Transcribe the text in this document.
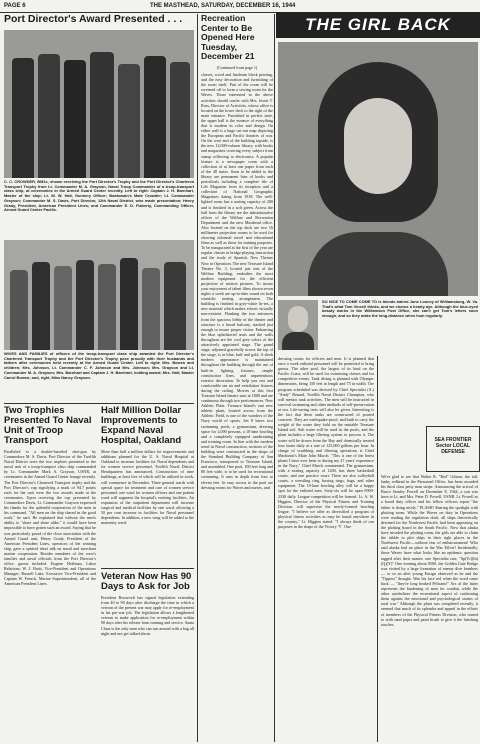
PAGE 6	THE MASTHEAD, SATURDAY, DECEMBER 16, 1944

Port Director's Award Presented . . .

C. C. CROWDER, BM1c, shown receiving the Port Director's Trophy and the Port Director's Chartered Transport Trophy from Lt. Commander M. A. Grayson, Naval Troop Commander of a troop-transport class ship, at ceremonies in the Armed Guard Center recently. Left to right: Captain J. H. Barnhart, Master of the ship; Lt. W. W. Hall, Gunnery Officer; Boatswain's Mate Crowder; Lt. Commander Grayson; Commander M. S. Davis, Port Director, 12th Naval District, who made presentation; Henry Grady, President, American President Lines; and Commander E. D. Flaherty, Commanding Officer, Armed Guard Center Pacific.
WIVES AND FAMILIES of officers of the troop-transport class ship awarded the Port Director's Chartered Transport Trophy and the Port Director's Trophy pose proudly with their husbands and fathers after ceremonies held recently at the Armed Guard Center. Left to right: Mrs. Bowen and children; Mrs. Johnson, Lt. Commander C. F. Johnson and Mrs. Johnson; Mrs. Grayson and Lt. Commander M. A. Grayson; Mrs. Barnhart and Captain J. H. Barnhart, holding award; Mrs. Hall; Master Carrol Bowen; and, right, Miss Nancy Grayson.

Two Trophies Presented To Naval Unit of Troop Transport

Paralleled to a double-barreled shot-gun by Commodore M. S. Davis, Port Director of the Twelfth Naval District were the two trophies presented to the naval unit of a troop-transport class ship commanded by Lt. Commander Mark A. Grayson, USNR, at ceremonies in the Armed Guard Center lounge recently. The Port Director's Chartered Transport trophy and the Port Director's cup signifying a mark of 94.7 points each for the unit were the two awards made at the ceremonies. Upon receiving the cup presented by Commodore Davis, Lt. Commander Grayson expressed his thanks for the splendid cooperation of the men in his command. "All men on the ship shared in the good work," he said. He explained that without the men's ability to "share and share alike," it would have been impossible to have gotten such an award. Saying that he was particularly proud of the close association with the Armed Guard unit, Henry Grady, President of the American President Lines, operators of the winning ship, gave a spirited short talk on naval and merchant marine cooperation. Besides members of the crew's families and naval officials from the Port Director's office, guests included: Eugene Hoffman, Labor Relations; W. J. Bush, Vice-President and Operations Manager; Russell Lake, Executive Vice-President and Captain W. French, Marine Superintendent, all of the American President Lines.

Half Million Dollar Improvements to Expand Naval Hospital, Oakland

More than half a million dollars for improvements and additions planned for the U. S. Naval Hospital at Oakland to increase facilities for Naval dependents and for women service personnel, Twelfth Naval District Headquarters has announced. Construction of nine buildings, at least five of which will be utilized in work, will commence in December. Three general wards with special space for treatment and care of women service personnel, one ward for women officers and one patient ward will augment the hospital's existing facilities. An expansion of the outpatient department will increase surgical and medical facilities by one ward, allowing a 50 per cent increase in facilities for Naval personnel dependents. In addition, a new wing will be added to the maternity ward.

Veteran Now Has 90 Days to Ask for Job

President Roosevelt has signed legislation extending from 40 to 90 days after discharge the time in which a veteran of the present war may apply for re-employment in his pre-war job. The legislation allows a lengthened veteran to make application for re-employment within 90 days after his release from training and service. Santa Claus is the only man who can run around with a bag all night and not get talked about.

Recreation Center to Be Opened Here Tuesday, December 21

(Continued from page 1)

classes, wood and linoleum block printing, and the easy decoration and furnishing of the room itself. Part of the room will be screened off to form a sewing room for the Waves. Those interested in the above activities should confer with Mrs. Jessie T. Ross, Director of Activities, whose office is located on the lower deck to the right of the main entrance. Furnished in perfect taste, the upper hall is the essence of everything that is modern in color and design. On either wall is a huge cut-out map depicting the European and Pacific theatres of war. On the west end of the building topside, is the new 12,000-volume library, with books and magazines covering every subject from stamp collecting to electronics. A popular feature is a newspaper room with a collection of at least one paper from each of the 48 states. Soon to be added to the library are permanent bins of books and periodicals including a complete file of Life Magazine from its inception and a collection of National Geographic Magazines dating from 1918. The well-lighted room has a seating capacity of 200 and is finished in a soft green. Across the hall from the library are the administrative offices of the Welfare and Recreation Department and the new Masthead office. Also located on the top deck are two 16 millimeter projection rooms to be used for showing informal travel and educational films as well as those for training purposes. To be inaugurated at the first of the year are regular classes in bridge-playing instruction and the study of Spanish. New Theatre Now in Operation. The new Treasure Island Theatre No. 3, located just east of the Welfare Building, embodies the most modern equipment for the efficient projection of motion pictures. To insure your enjoyment of talent films shown seven nights a week are up-to-date sound on both scientific seating arrangement. The building is finished in grey-white fir-tex, a new material which makes echoes virtually non-existent. Flanking the two entrances from the spacious lobby of the theater and structure is a broad balcony, stacked just enough to insure proper vision. Enhancing the blue upholstered seats and the walls throughout are the cool grey colors of the attractively appointed stage. The grand stage, adjoined gracefully across the top of the stage, is in blue, buff and gold. A sleek modern appearance is maintained throughout the building through the use of built-in lighting fixtures, simple construction lines, and unpretentious exterior decoration. To help you rest and comfortable sea air and ventilation fixtures during the railing. Movies at this first Treasure Island theatre start at 1800 and are continuous through two performances. New Athletic Plant. Treasure Island's vast new athletic plant, located across from the Athletic Field, is one of the wonders of the Navy world of sports. Set 8 bases two swimming pools, a gymnasium, dressing space for 2,000 persons, a 10-lane bowling and a completely equipped sandtraining and training room. In line with the modern trend in Naval construction, sections of the building were constructed in the shops of the Standard Building Company of San Francisco, transported to Treasure Island, and assembled. One pool, 100 feet long and 80 feet wide, is to be used for recreational swimming. It runs in depth from four to eleven feet. In easy access to the pool are dressing rooms for Waves and nurses, and

THE GIRL BACK
SO NICE TO COME COME TO is blonde-haired June Looney of Williamsburg, W. Va. That's what Tom Vincell thinks, and we chorus a hearty aye. Although the blue-eyed beauty works in the Williamson Post Office, she can't get Tom's letters soon enough, and so they make the long-distance wires hum regularly.

dressing rooms for officers and men. It is planned that once a week enlisted personnel will be permitted to bring guests. The other pool, the largest of its kind on the Pacific Coast, will be used for swimming classes and for competitive events. Tank diving is planned with Olympic dimensions, being 150 feet in length and 75 in width. The program scheduled was devised by Chief Specialist (A.) "Andy" Renard, Twelfth Naval District Champion, who will mentor tank activities. The men will be instructed in survival swimming and other methods of self-preservation at sea. Life-saving tests will also be given. Interesting is the fact that these tanks are constructed of poured concrete. They are earthquake-proof, and built to carry the weight of the water they hold on the unstable Treasure Island soil. Salt water will be used in the pools, and the plant includes a large filtering system to process it. The water will be drawn from the Bay and chemically treated four times daily at a rate of 125,000 gallons per hour. In charge of scrubbing and filtering operations is Chief Machinist's Mate John Murch. "This is one of the finest plants I have ever been to during my 27 years' experience in the Navy," Chief Murch commented. The gymnasium, with a seating capacity of 1200, has three basketball courts, and one practice court. There are also volleyball courts, a wrestling ring, boxing rings, bags, and other equipment. The 10-lane bowling alley will be a happy spot for the enlisted men. Sixty-six will be open 0900-2330 daily. League competition will be formed. Lt. A. W. Higgins, Director of the Physical Fitness and Training Division, will supervise the newly-formed bowling league. "I believe we offer as diversified a program of physical fitness activities as may be found anywhere in the country," Lt. Higgins stated. "I always think of our purposes in the shape of the Victory 'V'. One

SEA FRONTIER Sector LOCAL DEFENSE

We're glad to see that Walter R. "Red" Gibson, the tall, lanky redhead in the Personnel Office, has been awarded his third class petty man stripe. Announcing the arrival of Bruce Stanley Powell on December 8, 1944, a son was born to Lt. and Mrs. Peter D. Powell, USNR. Lt. Powell as a board duty officer and his fellow officers report "the father is doing nicely." PLASH! Sharing the spotlight with plotting room. While the Waves on duty in Operations were reading the regulation draft, all ships theoretically destined for the Northwest Pacific had been appearing on the plotting board in the South Pacific. Now that alaska have invaded the plotting room, the girls are able to claim the tabkle to plot ships in their right places in the Northwest Pacific—without fear of embarrassment! Who said alaska had no place in the War Effort? Incidentally, these Waves have what looks like an epidemic question tagged after their names: one Specialist rate, "Sp(Tc)(In)(Q)(Y)" One evening about 0500, the Golden Gate Bridge was visited by a large formation of enemy dive bombers — or so an alert young Ensign observed as he and the "Tippers" thought. Was his face red when the word came back — "they're long beaked Pelicans!" Ars of the latter represents the burdening of men for combat, while the other symbolizes the recreational aspect of cushioning them against the emotional and psychological strains of total war." Although the plant was completed recently, it seemed that much of its splendor and appeal in the efforts of members of the Physical Fitness Division, who turned to with sand paper and paint brush to give it the finishing touches.
